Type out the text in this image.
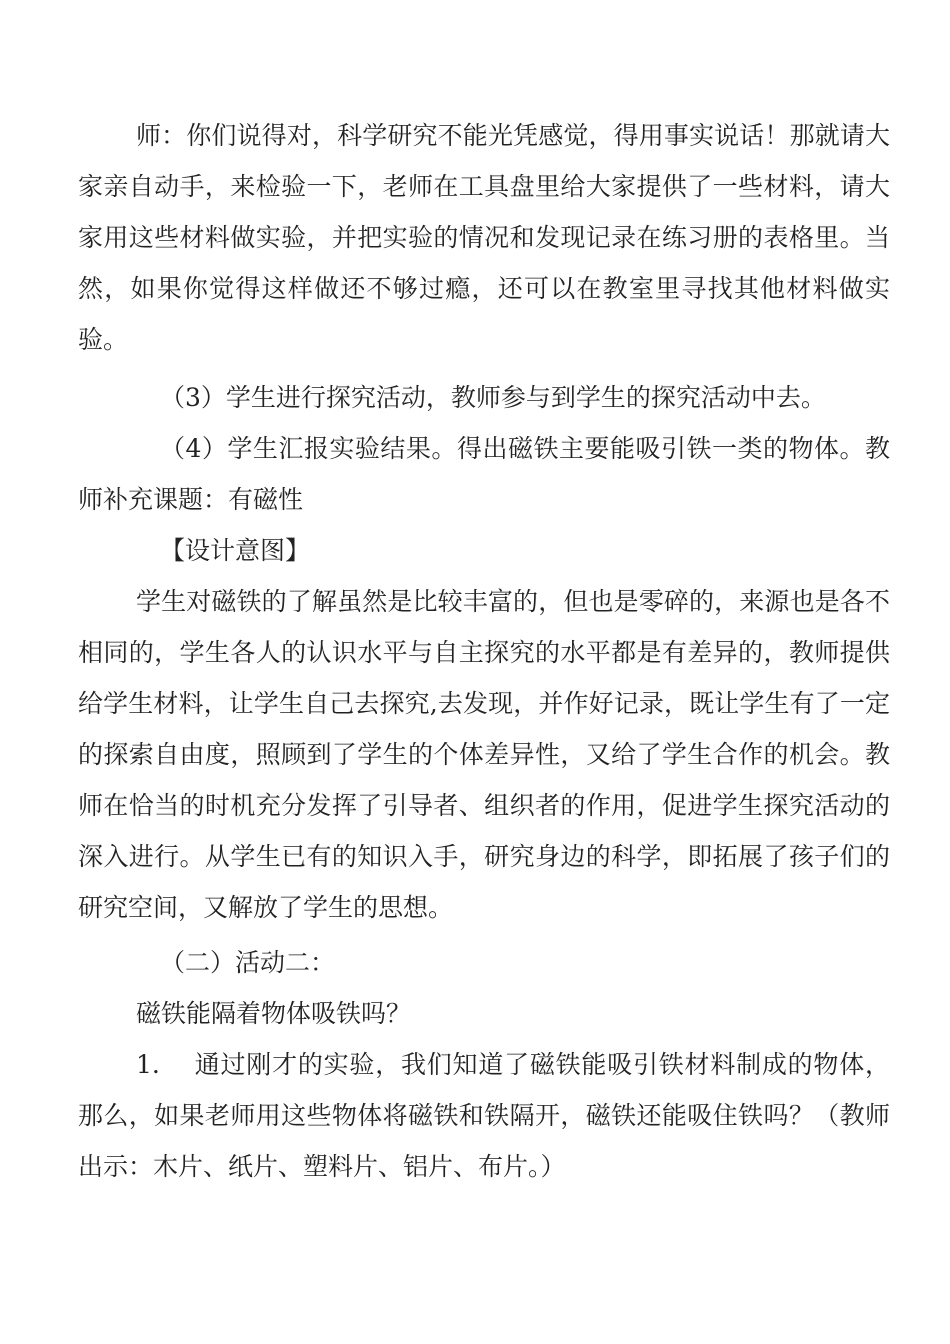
师：你们说得对，科学研究不能光凭感觉，得用事实说话！那就请大家亲自动手，来检验一下，老师在工具盘里给大家提供了一些材料，请大家用这些材料做实验，并把实验的情况和发现记录在练习册的表格里。当然，如果你觉得这样做还不够过瘾，还可以在教室里寻找其他材料做实验。

（3）学生进行探究活动，教师参与到学生的探究活动中去。

（4）学生汇报实验结果。得出磁铁主要能吸引铁一类的物体。教师补充课题：有磁性

【设计意图】

学生对磁铁的了解虽然是比较丰富的，但也是零碎的，来源也是各不相同的，学生各人的认识水平与自主探究的水平都是有差异的，教师提供给学生材料，让学生自己去探究,去发现，并作好记录，既让学生有了一定的探索自由度，照顾到了学生的个体差异性，又给了学生合作的机会。教师在恰当的时机充分发挥了引导者、组织者的作用，促进学生探究活动的深入进行。从学生已有的知识入手，研究身边的科学，即拓展了孩子们的研究空间，又解放了学生的思想。

（二）活动二：

磁铁能隔着物体吸铁吗？

1.    通过刚才的实验，我们知道了磁铁能吸引铁材料制成的物体，那么，如果老师用这些物体将磁铁和铁隔开，磁铁还能吸住铁吗？（教师出示：木片、纸片、塑料片、铝片、布片。）
